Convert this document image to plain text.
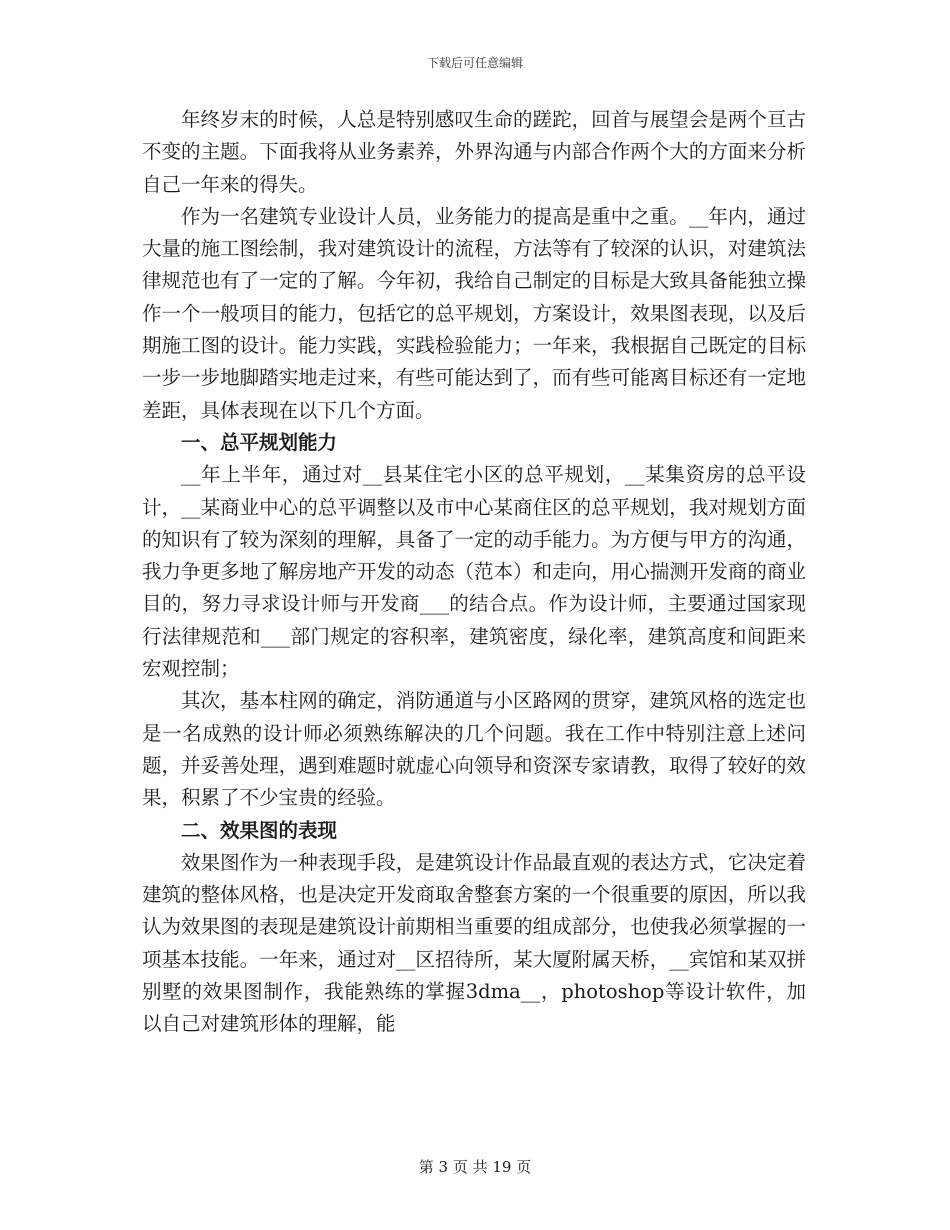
下载后可任意编辑

年终岁末的时候，人总是特别感叹生命的蹉跎，回首与展望会是两个亘古不变的主题。下面我将从业务素养，外界沟通与内部合作两个大的方面来分析自己一年来的得失。

作为一名建筑专业设计人员，业务能力的提高是重中之重。__年内，通过大量的施工图绘制，我对建筑设计的流程，方法等有了较深的认识，对建筑法律规范也有了一定的了解。今年初，我给自己制定的目标是大致具备能独立操作一个一般项目的能力，包括它的总平规划，方案设计，效果图表现，以及后期施工图的设计。能力实践，实践检验能力；一年来，我根据自己既定的目标一步一步地脚踏实地走过来，有些可能达到了，而有些可能离目标还有一定地差距，具体表现在以下几个方面。

一、总平规划能力

__年上半年，通过对__县某住宅小区的总平规划，__某集资房的总平设计，__某商业中心的总平调整以及市中心某商住区的总平规划，我对规划方面的知识有了较为深刻的理解，具备了一定的动手能力。为方便与甲方的沟通，我力争更多地了解房地产开发的动态（范本）和走向，用心揣测开发商的商业目的，努力寻求设计师与开发商___的结合点。作为设计师，主要通过国家现行法律规范和___部门规定的容积率，建筑密度，绿化率，建筑高度和间距来宏观控制；

其次，基本柱网的确定，消防通道与小区路网的贯穿，建筑风格的选定也是一名成熟的设计师必须熟练解决的几个问题。我在工作中特别注意上述问题，并妥善处理，遇到难题时就虚心向领导和资深专家请教，取得了较好的效果，积累了不少宝贵的经验。

二、效果图的表现

效果图作为一种表现手段，是建筑设计作品最直观的表达方式，它决定着建筑的整体风格，也是决定开发商取舍整套方案的一个很重要的原因，所以我认为效果图的表现是建筑设计前期相当重要的组成部分，也使我必须掌握的一项基本技能。一年来，通过对__区招待所，某大厦附属天桥，__宾馆和某双拼别墅的效果图制作，我能熟练的掌握3dma__，photoshop等设计软件，加以自己对建筑形体的理解，能

第 3 页 共 19 页
